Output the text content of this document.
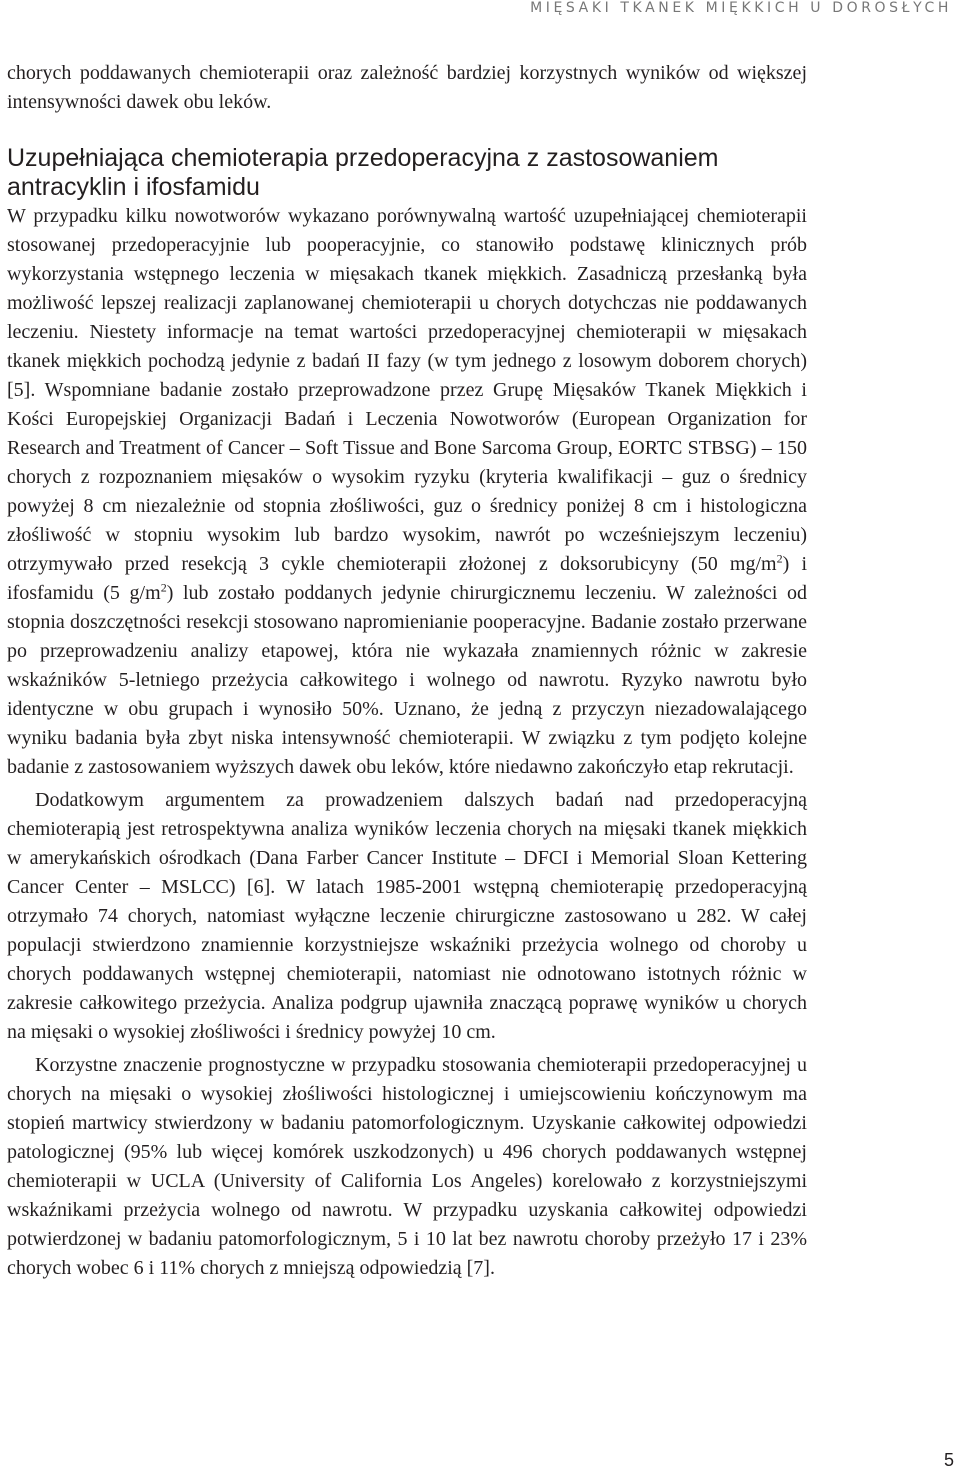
MIĘSAKI TKANEK MIĘKKICH U DOROSŁYCH

chorych poddawanych chemioterapii oraz zależność bardziej korzystnych wyników od większej intensywności dawek obu leków.

Uzupełniająca chemioterapia przedoperacyjna z zastosowaniem antracyklin i ifosfamidu

W przypadku kilku nowotworów wykazano porównywalną wartość uzupełniającej chemioterapii stosowanej przedoperacyjnie lub pooperacyjnie, co stanowiło podstawę klinicznych prób wykorzystania wstępnego leczenia w mięsakach tkanek miękkich. Zasadniczą przesłanką była możliwość lepszej realizacji zaplanowanej chemioterapii u chorych dotychczas nie poddawanych leczeniu. Niestety informacje na temat wartości przedoperacyjnej chemioterapii w mięsakach tkanek miękkich pochodzą jedynie z badań II fazy (w tym jednego z losowym doborem chorych) [5]. Wspomniane badanie zostało przeprowadzone przez Grupę Mięsaków Tkanek Miękkich i Kości Europejskiej Organizacji Badań i Leczenia Nowotworów (European Organization for Research and Treatment of Cancer – Soft Tissue and Bone Sarcoma Group, EORTC STBSG) – 150 chorych z rozpoznaniem mięsaków o wysokim ryzyku (kryteria kwalifikacji – guz o średnicy powyżej 8 cm niezależnie od stopnia złośliwości, guz o średnicy poniżej 8 cm i histologiczna złośliwość w stopniu wysokim lub bardzo wysokim, nawrót po wcześniejszym leczeniu) otrzymywało przed resekcją 3 cykle chemioterapii złożonej z doksorubicyny (50 $mg/m^2$) i ifosfamidu (5 $g/m^2$) lub zostało poddanych jedynie chirurgicznemu leczeniu. W zależności od stopnia doszczętności resekcji stosowano napromienianie pooperacyjne. Badanie zostało przerwane po przeprowadzeniu analizy etapowej, która nie wykazała znamiennych różnic w zakresie wskaźników 5-letniego przeżycia całkowitego i wolnego od nawrotu. Ryzyko nawrotu było identyczne w obu grupach i wynosiło 50%. Uznano, że jedną z przyczyn niezadowalającego wyniku badania była zbyt niska intensywność chemioterapii. W związku z tym podjęto kolejne badanie z zastosowaniem wyższych dawek obu leków, które niedawno zakończyło etap rekrutacji.

Dodatkowym argumentem za prowadzeniem dalszych badań nad przedoperacyjną chemioterapią jest retrospektywna analiza wyników leczenia chorych na mięsaki tkanek miękkich w amerykańskich ośrodkach (Dana Farber Cancer Institute – DFCI i Memorial Sloan Kettering Cancer Center – MSLCC) [6]. W latach 1985-2001 wstępną chemioterapię przedoperacyjną otrzymało 74 chorych, natomiast wyłączne leczenie chirurgiczne zastosowano u 282. W całej populacji stwierdzono znamiennie korzystniejsze wskaźniki przeżycia wolnego od choroby u chorych poddawanych wstępnej chemioterapii, natomiast nie odnotowano istotnych różnic w zakresie całkowitego przeżycia. Analiza podgrup ujawniła znaczącą poprawę wyników u chorych na mięsaki o wysokiej złośliwości i średnicy powyżej 10 cm.

Korzystne znaczenie prognostyczne w przypadku stosowania chemioterapii przedoperacyjnej u chorych na mięsaki o wysokiej złośliwości histologicznej i umiejscowieniu kończynowym ma stopień martwicy stwierdzony w badaniu patomorfologicznym. Uzyskanie całkowitej odpowiedzi patologicznej (95% lub więcej komórek uszkodzonych) u 496 chorych poddawanych wstępnej chemioterapii w UCLA (University of California Los Angeles) korelowało z korzystniejszymi wskaźnikami przeżycia wolnego od nawrotu. W przypadku uzyskania całkowitej odpowiedzi potwierdzonej w badaniu patomorfologicznym, 5 i 10 lat bez nawrotu choroby przeżyło 17 i 23% chorych wobec 6 i 11% chorych z mniejszą odpowiedzią [7].

5
